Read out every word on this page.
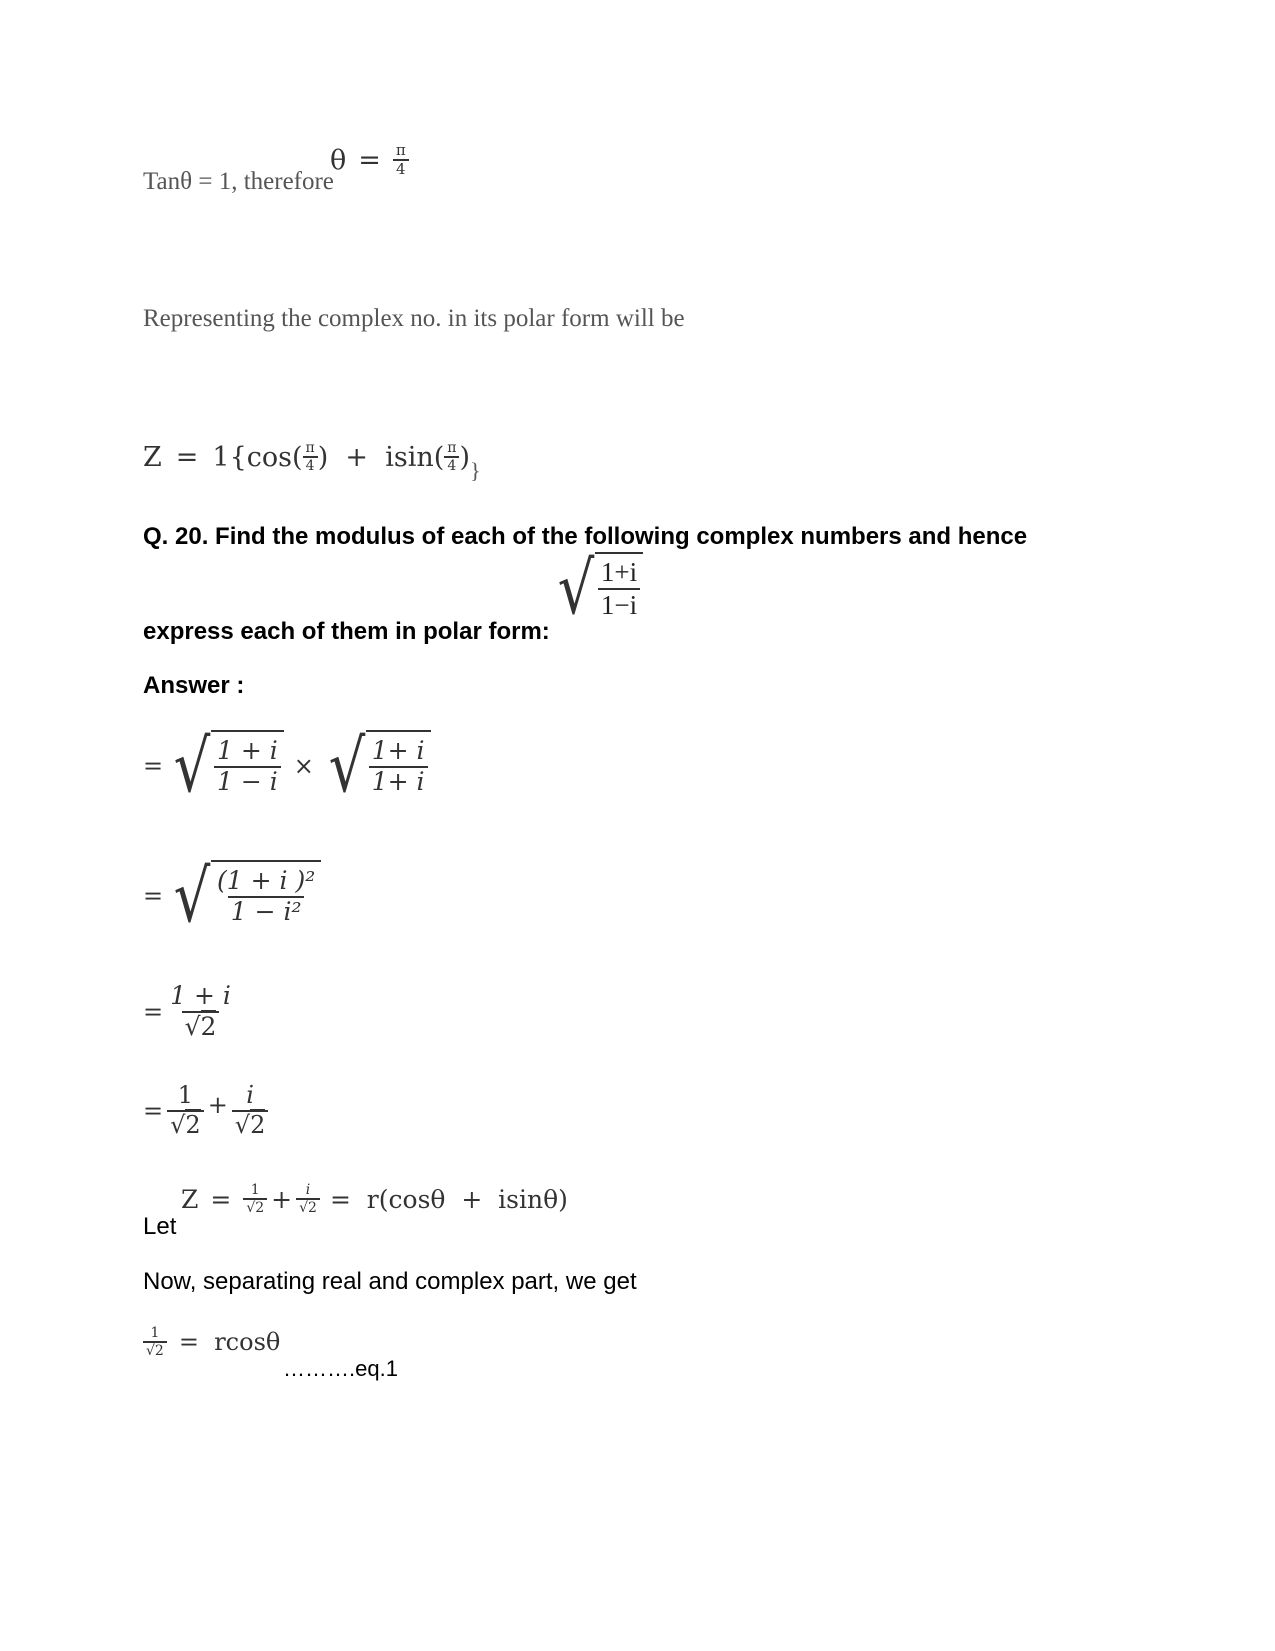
Tanθ = 1, therefore
$\theta = \frac{\pi}{4}$
Representing the complex no. in its polar form will be
$Z = 1\{\cos( \frac{\pi}{4}$ )  +  $isin( \frac{\pi}{4}$ ) }
Q. 20. Find the modulus of each of the following complex numbers and hence
express each of them in polar form:
√ $\frac{1+i}{1-i}$
Answer :
= √ $\frac{1 + i}{1 - i}$ × √ $\frac{1+ i}{1+ i}$
= √ $\frac{\text{(1 + i )²}}{\text{1 − i²}}$
= $\frac{1 + i}{√2}$
= $\frac{1}{√2} + \frac{i}{√2}$
Let
$Z = \frac{1}{√2} + \frac{i}{√2} = r(\cos\theta + isin\theta)$
Now, separating real and complex part, we get
$\frac{1}{√2} = rcos\theta$
……….eq.1
